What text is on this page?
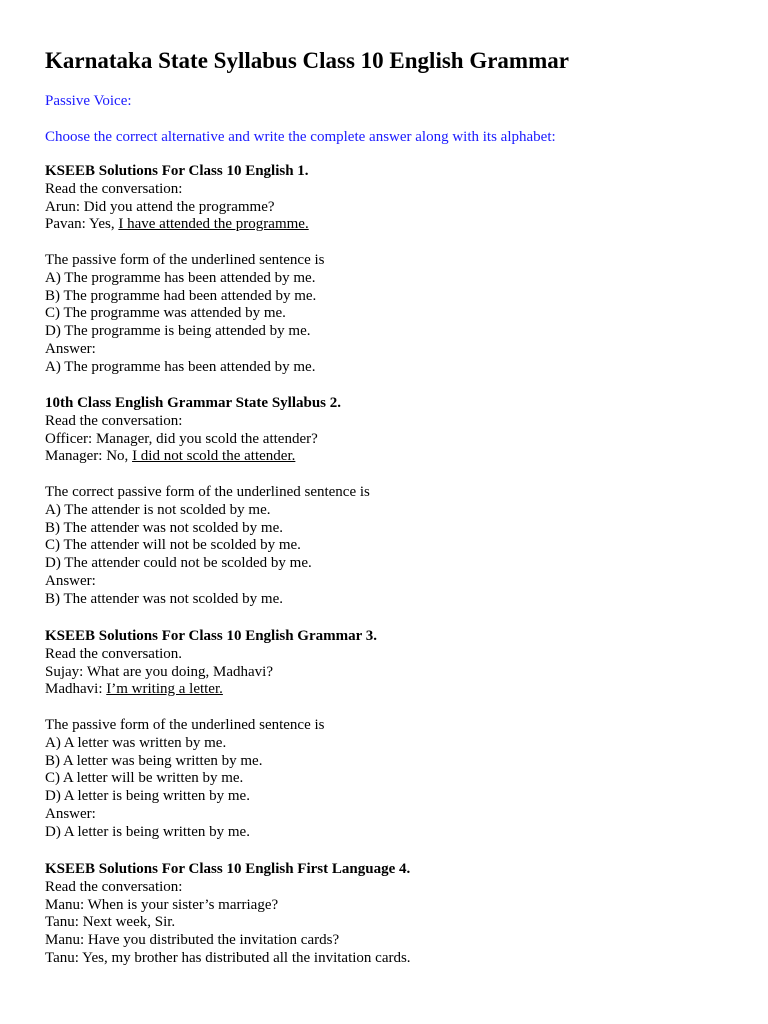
Karnataka State Syllabus Class 10 English Grammar
Passive Voice:
Choose the correct alternative and write the complete answer along with its alphabet:
KSEEB Solutions For Class 10 English 1.
Read the conversation:
Arun: Did you attend the programme?
Pavan: Yes, I have attended the programme.
The passive form of the underlined sentence is
A) The programme has been attended by me.
B) The programme had been attended by me.
C) The programme was attended by me.
D) The programme is being attended by me.
Answer:
A) The programme has been attended by me.
10th Class English Grammar State Syllabus 2.
Read the conversation:
Officer: Manager, did you scold the attender?
Manager: No, I did not scold the attender.
The correct passive form of the underlined sentence is
A) The attender is not scolded by me.
B) The attender was not scolded by me.
C) The attender will not be scolded by me.
D) The attender could not be scolded by me.
Answer:
B) The attender was not scolded by me.
KSEEB Solutions For Class 10 English Grammar 3.
Read the conversation.
Sujay: What are you doing, Madhavi?
Madhavi: I’m writing a letter.
The passive form of the underlined sentence is
A) A letter was written by me.
B) A letter was being written by me.
C) A letter will be written by me.
D) A letter is being written by me.
Answer:
D) A letter is being written by me.
KSEEB Solutions For Class 10 English First Language 4.
Read the conversation:
Manu: When is your sister’s marriage?
Tanu: Next week, Sir.
Manu: Have you distributed the invitation cards?
Tanu: Yes, my brother has distributed all the invitation cards.
